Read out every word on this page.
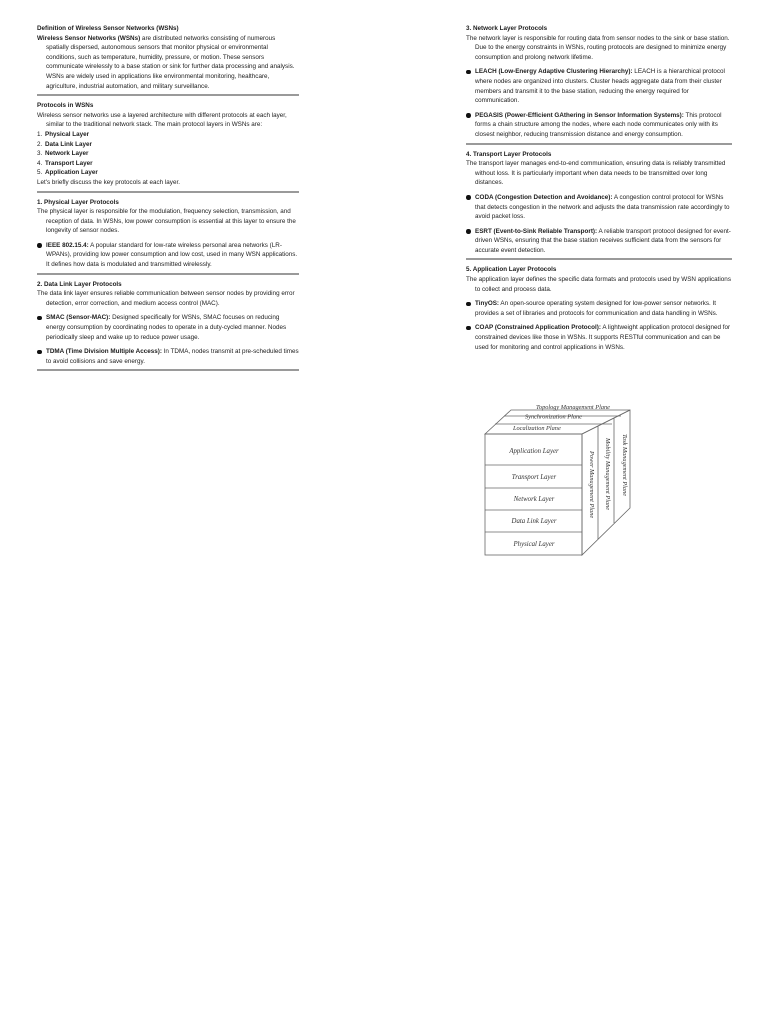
Definition of Wireless Sensor Networks (WSNs)

Wireless Sensor Networks (WSNs) are distributed networks consisting of numerous spatially dispersed, autonomous sensors that monitor physical or environmental conditions, such as temperature, humidity, pressure, or motion. These sensors communicate wirelessly to a base station or sink for further data processing and analysis. WSNs are widely used in applications like environmental monitoring, healthcare, agriculture, industrial automation, and military surveillance.

Protocols in WSNs

Wireless sensor networks use a layered architecture with different protocols at each layer, similar to the traditional network stack. The main protocol layers in WSNs are:

1. Physical Layer
2. Data Link Layer
3. Network Layer
4. Transport Layer
5. Application Layer

Let's briefly discuss the key protocols at each layer.

1. Physical Layer Protocols

The physical layer is responsible for the modulation, frequency selection, transmission, and reception of data. In WSNs, low power consumption is essential at this layer to ensure the longevity of sensor nodes.

IEEE 802.15.4: A popular standard for low-rate wireless personal area networks (LR-WPANs), providing low power consumption and low cost, used in many WSN applications. It defines how data is modulated and transmitted wirelessly.

2. Data Link Layer Protocols

The data link layer ensures reliable communication between sensor nodes by providing error detection, error correction, and medium access control (MAC).

SMAC (Sensor-MAC): Designed specifically for WSNs, SMAC focuses on reducing energy consumption by coordinating nodes to operate in a duty-cycled manner. Nodes periodically sleep and wake up to reduce power usage.
TDMA (Time Division Multiple Access): In TDMA, nodes transmit at pre-scheduled times to avoid collisions and save energy.

3. Network Layer Protocols

The network layer is responsible for routing data from sensor nodes to the sink or base station. Due to the energy constraints in WSNs, routing protocols are designed to minimize energy consumption and prolong network lifetime.

LEACH (Low-Energy Adaptive Clustering Hierarchy): LEACH is a hierarchical protocol where nodes are organized into clusters. Cluster heads aggregate data from their cluster members and transmit it to the base station, reducing the energy required for communication.
PEGASIS (Power-Efficient GAthering in Sensor Information Systems): This protocol forms a chain structure among the nodes, where each node communicates only with its closest neighbor, reducing transmission distance and energy consumption.

4. Transport Layer Protocols

The transport layer manages end-to-end communication, ensuring data is reliably transmitted without loss. It is particularly important when data needs to be transmitted over long distances.

CODA (Congestion Detection and Avoidance): A congestion control protocol for WSNs that detects congestion in the network and adjusts the data transmission rate accordingly to avoid packet loss.
ESRT (Event-to-Sink Reliable Transport): A reliable transport protocol designed for event-driven WSNs, ensuring that the base station receives sufficient data from the sensors for accurate event detection.

5. Application Layer Protocols

The application layer defines the specific data formats and protocols used by WSN applications to collect and process data.

TinyOS: An open-source operating system designed for low-power sensor networks. It provides a set of libraries and protocols for communication and data handling in WSNs.
COAP (Constrained Application Protocol): A lightweight application protocol designed for constrained devices like those in WSNs. It supports RESTful communication and can be used for monitoring and control applications in WSNs.
Topology Management Plane
Synchronization Plane
Localization Plane
Application Layer
Transport Layer
Network Layer
Data Link Layer
Physical Layer
Power Management Plane Mobility Management Plane Task Management Plane
